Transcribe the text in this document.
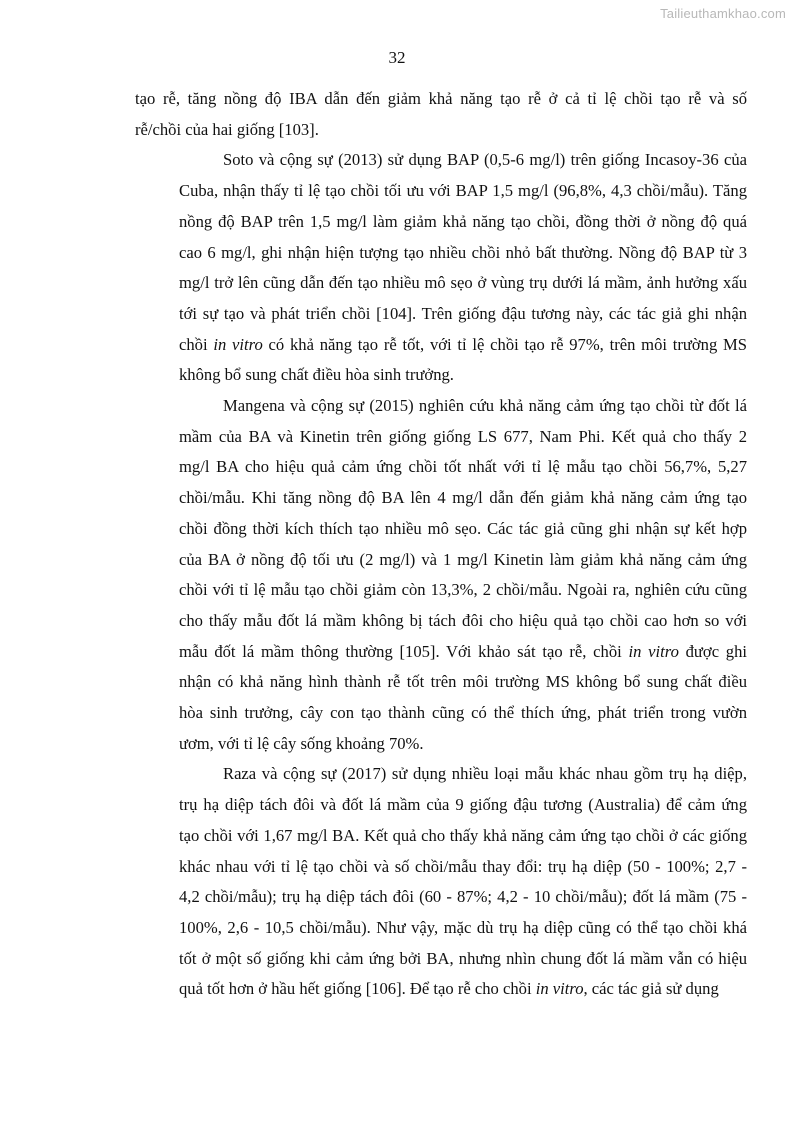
Tailieuthamkhao.com
32
tạo rễ, tăng nồng độ IBA dẫn đến giảm khả năng tạo rễ ở cả tỉ lệ chồi tạo rễ và số
rễ/chồi của hai giống [103].
Soto và cộng sự (2013) sử dụng BAP (0,5-6 mg/l) trên giống Incasoy-36 của
Cuba, nhận thấy tỉ lệ tạo chồi tối ưu với BAP 1,5 mg/l (96,8%, 4,3 chồi/mẫu). Tăng
nồng độ BAP trên 1,5 mg/l làm giảm khả năng tạo chồi, đồng thời ở nồng độ quá
cao 6 mg/l, ghi nhận hiện tượng tạo nhiều chồi nhỏ bất thường. Nồng độ BAP từ 3
mg/l trở lên cũng dẫn đến tạo nhiều mô sẹo ở vùng trụ dưới lá mầm, ảnh hưởng xấu
tới sự tạo và phát triển chồi [104]. Trên giống đậu tương này, các tác giả ghi nhận
chồi in vitro có khả năng tạo rễ tốt, với tỉ lệ chồi tạo rễ 97%, trên môi trường MS
không bổ sung chất điều hòa sinh trưởng.
Mangena và cộng sự (2015) nghiên cứu khả năng cảm ứng tạo chồi từ đốt lá
mầm của BA và Kinetin trên giống giống LS 677, Nam Phi. Kết quả cho thấy 2
mg/l BA cho hiệu quả cảm ứng chồi tốt nhất với tỉ lệ mẫu tạo chồi 56,7%, 5,27
chồi/mẫu. Khi tăng nồng độ BA lên 4 mg/l dẫn đến giảm khả năng cảm ứng tạo
chồi đồng thời kích thích tạo nhiều mô sẹo. Các tác giả cũng ghi nhận sự kết hợp
của BA ở nồng độ tối ưu (2 mg/l) và 1 mg/l Kinetin làm giảm khả năng cảm ứng
chồi với tỉ lệ mẫu tạo chồi giảm còn 13,3%, 2 chồi/mẫu. Ngoài ra, nghiên cứu cũng
cho thấy mẫu đốt lá mầm không bị tách đôi cho hiệu quả tạo chồi cao hơn so với
mẫu đốt lá mầm thông thường [105]. Với khảo sát tạo rễ, chồi in vitro được ghi
nhận có khả năng hình thành rễ tốt trên môi trường MS không bổ sung chất điều
hòa sinh trưởng, cây con tạo thành cũng có thể thích ứng, phát triển trong vườn
ươm, với tỉ lệ cây sống khoảng 70%.
Raza và cộng sự (2017) sử dụng nhiều loại mẫu khác nhau gồm trụ hạ diệp,
trụ hạ diệp tách đôi và đốt lá mầm của 9 giống đậu tương (Australia) để cảm ứng
tạo chồi với 1,67 mg/l BA. Kết quả cho thấy khả năng cảm ứng tạo chồi ở các giống
khác nhau với tỉ lệ tạo chồi và số chồi/mẫu thay đổi: trụ hạ diệp (50 - 100%; 2,7 -
4,2 chồi/mẫu); trụ hạ diệp tách đôi (60 - 87%; 4,2 - 10 chồi/mẫu); đốt lá mầm (75 -
100%, 2,6 - 10,5 chồi/mẫu). Như vậy, mặc dù trụ hạ diệp cũng có thể tạo chồi khá
tốt ở một số giống khi cảm ứng bởi BA, nhưng nhìn chung đốt lá mầm vẫn có hiệu
quả tốt hơn ở hầu hết giống [106]. Để tạo rễ cho chồi in vitro, các tác giả sử dụng
